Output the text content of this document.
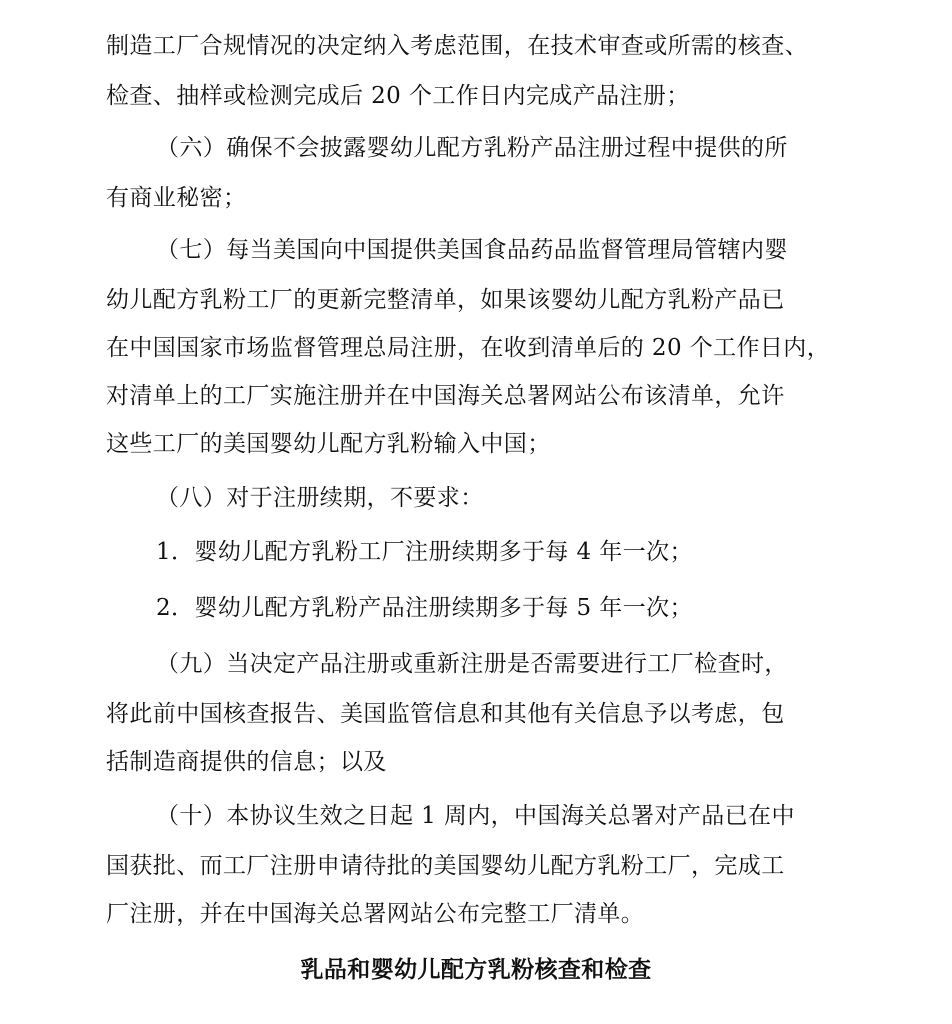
制造工厂合规情况的决定纳入考虑范围，在技术审查或所需的核查、
检查、抽样或检测完成后 20 个工作日内完成产品注册；
（六）确保不会披露婴幼儿配方乳粉产品注册过程中提供的所
有商业秘密；
（七）每当美国向中国提供美国食品药品监督管理局管辖内婴
幼儿配方乳粉工厂的更新完整清单，如果该婴幼儿配方乳粉产品已
在中国国家市场监督管理总局注册，在收到清单后的 20 个工作日内，
对清单上的工厂实施注册并在中国海关总署网站公布该清单，允许
这些工厂的美国婴幼儿配方乳粉输入中国；
（八）对于注册续期，不要求：
1．婴幼儿配方乳粉工厂注册续期多于每 4 年一次；
2．婴幼儿配方乳粉产品注册续期多于每 5 年一次；
（九）当决定产品注册或重新注册是否需要进行工厂检查时，
将此前中国核查报告、美国监管信息和其他有关信息予以考虑，包
括制造商提供的信息；以及
（十）本协议生效之日起 1 周内，中国海关总署对产品已在中
国获批、而工厂注册申请待批的美国婴幼儿配方乳粉工厂，完成工
厂注册，并在中国海关总署网站公布完整工厂清单。
乳品和婴幼儿配方乳粉核查和检查
